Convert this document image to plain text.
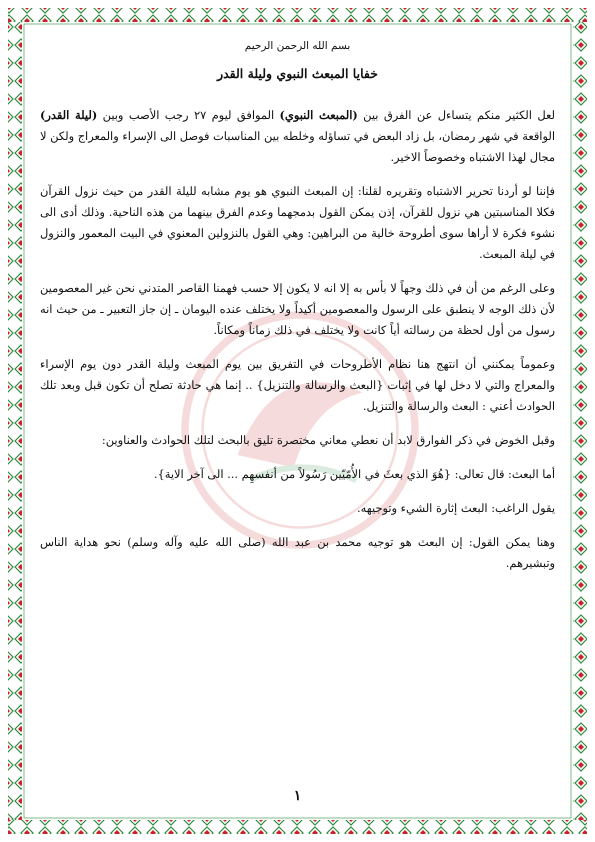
بسم الله الرحمن الرحيم
خفايا المبعث النبوي وليلة القدر

لعل الكثير منكم يتساءل عن الفرق بين (المبعث النبوي) الموافق ليوم ٢٧ رجب الأصب وبين (ليلة القدر) الواقعة في شهر رمضان، بل زاد البعض في تساؤله وخلطه بين المناسبات فوصل الى الإسراء والمعراج ولكن لا مجال لهذا الاشتباه وخصوصاً الاخير.

فإننا لو أردنا تحرير الاشتباه وتقريره لقلنا: إن المبعث النبوي هو يوم مشابه لليلة القدر من حيث نزول القرآن فكلا المناسبتين هي نزول للقرآن، إذن يمكن القول بدمجهما وعدم الفرق بينهما من هذه الناحية. وذلك أدى الى نشوء فكرة لا أراها سوى أطروحة خالية من البراهين: وهي القول بالنزولين المعنوي في البيت المعمور والنزول في ليلة المبعث.

وعلى الرغم من أن في ذلك وجهاً لا بأس به إلا انه لا يكون إلا حسب فهمنا القاصر المتدني نحن غير المعصومين لأن ذلك الوجه لا ينطبق على الرسول والمعصومين أكيداً ولا يختلف عنده اليومان ـ إن جاز التعبير ـ من حيث انه رسول من أول لحظة من رسالته أياً كانت ولا يختلف في ذلك زماناً ومكاناً.

وعموماً يمكنني أن انتهج هنا نظام الأطروحات في التفريق بين يوم المبعث وليلة القدر دون يوم الإسراء والمعراج والتي لا دخل لها في إثبات {البعث والرسالة والتنزيل} .. إنما هي حادثة تصلح أن تكون قبل وبعد تلك الحوادث أعني : البعث والرسالة والتنزيل.

وقبل الخوض في ذكر الفوارق لابد أن نعطي معاني مختصرة تليق بالبحث لتلك الحوادث والعناوين:

أما البعث: قال تعالى: {هُوَ الذي بعثَ في الأُمّيّين رَسُولاً من أنفسهِم ... الى آخر الاية}.

يقول الراغب: البعث إثارة الشيء وتوجيهه.

وهنا يمكن القول: إن البعث هو توجيه محمد بن عبد الله (صلى الله عليه وآله وسلم) نحو هداية الناس وتبشيرهم.

١
